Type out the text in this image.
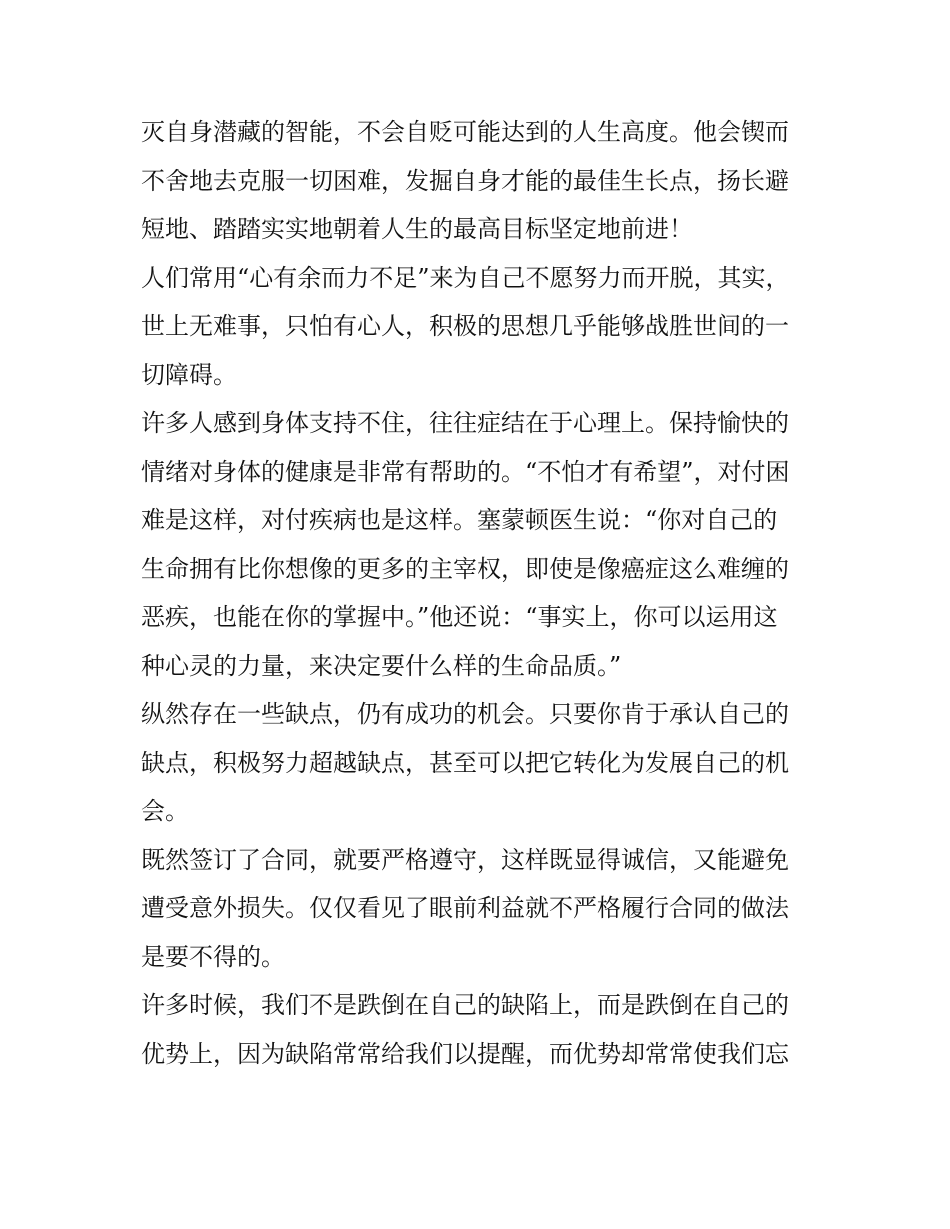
灭自身潜藏的智能，不会自贬可能达到的人生高度。他会锲而
不舍地去克服一切困难，发掘自身才能的最佳生长点，扬长避
短地、踏踏实实地朝着人生的最高目标坚定地前进！
人们常用“心有余而力不足”来为自己不愿努力而开脱，其实，
世上无难事，只怕有心人，积极的思想几乎能够战胜世间的一
切障碍。
许多人感到身体支持不住，往往症结在于心理上。保持愉快的
情绪对身体的健康是非常有帮助的。“不怕才有希望”，对付困
难是这样，对付疾病也是这样。塞蒙顿医生说：“你对自己的
生命拥有比你想像的更多的主宰权，即使是像癌症这么难缠的
恶疾，也能在你的掌握中。”他还说：“事实上，你可以运用这
种心灵的力量，来决定要什么样的生命品质。”
纵然存在一些缺点，仍有成功的机会。只要你肯于承认自己的
缺点，积极努力超越缺点，甚至可以把它转化为发展自己的机
会。
既然签订了合同，就要严格遵守，这样既显得诚信，又能避免
遭受意外损失。仅仅看见了眼前利益就不严格履行合同的做法
是要不得的。
许多时候，我们不是跌倒在自己的缺陷上，而是跌倒在自己的
优势上，因为缺陷常常给我们以提醒，而优势却常常使我们忘
